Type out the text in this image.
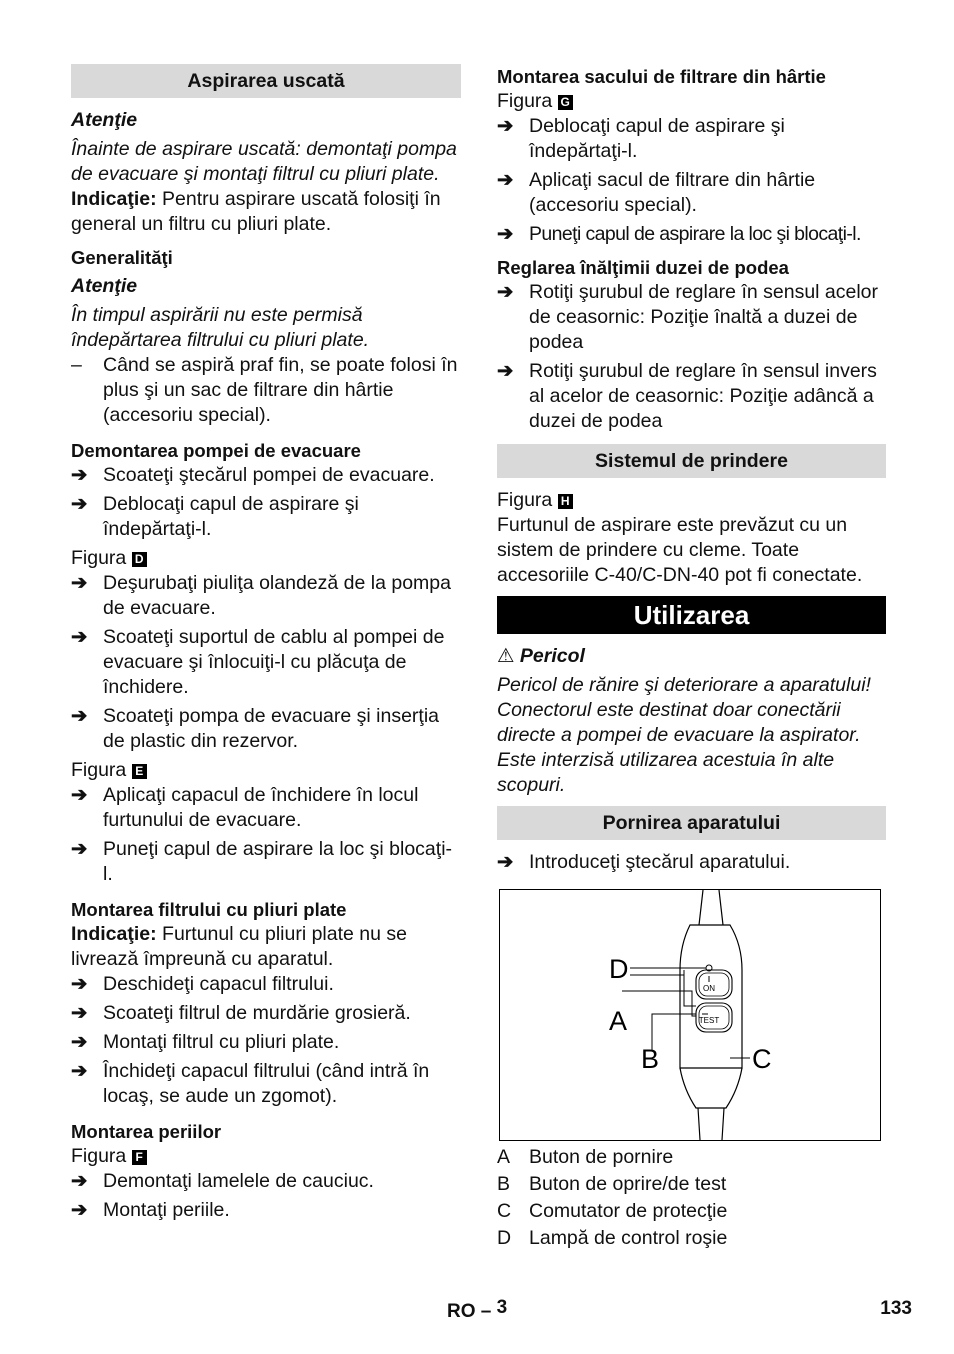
Aspirarea uscată

Atenţie

Înainte de aspirare uscată: demontaţi pompa de evacuare şi montaţi filtrul cu pliuri plate.

Indicaţie: Pentru aspirare uscată folosiţi în general un filtru cu pliuri plate.

Generalităţi

Atenţie

În timpul aspirării nu este permisă îndepărtarea filtrului cu pliuri plate.

– Când se aspiră praf fin, se poate folosi în plus şi un sac de filtrare din hârtie (accesoriu special).

Demontarea pompei de evacuare

➔ Scoateţi ştecărul pompei de evacuare.

➔ Deblocaţi capul de aspirare şi îndepărtaţi-l.

Figura D

➔ Deşurubaţi piuliţa olandeză de la pompa de evacuare.

➔ Scoateţi suportul de cablu al pompei de evacuare şi înlocuiţi-l cu plăcuţa de închidere.

➔ Scoateţi pompa de evacuare şi inserţia de plastic din rezervor.

Figura E

➔ Aplicaţi capacul de închidere în locul furtunului de evacuare.

➔ Puneţi capul de aspirare la loc şi blocaţi-l.

Montarea filtrului cu pliuri plate

Indicaţie: Furtunul cu pliuri plate nu se livrează împreună cu aparatul.

➔ Deschideţi capacul filtrului.

➔ Scoateţi filtrul de murdărie grosieră.

➔ Montaţi filtrul cu pliuri plate.

➔ Închideţi capacul filtrului (când intră în locaş, se aude un zgomot).

Montarea periilor

Figura F

➔ Demontaţi lamelele de cauciuc.

➔ Montaţi periile.

Montarea sacului de filtrare din hârtie

Figura G

➔ Deblocaţi capul de aspirare şi îndepărtaţi-l.

➔ Aplicaţi sacul de filtrare din hârtie (accesoriu special).

➔ Puneţi capul de aspirare la loc şi blocaţi-l.

Reglarea înălţimii duzei de podea

➔ Rotiţi şurubul de reglare în sensul acelor de ceasornic: Poziţie înaltă a duzei de podea

➔ Rotiţi şurubul de reglare în sensul invers al acelor de ceasornic: Poziţie adâncă a duzei de podea

Sistemul de prindere

Figura H

Furtunul de aspirare este prevăzut cu un sistem de prindere cu cleme. Toate accesoriile C-40/C-DN-40 pot fi conectate.

Utilizarea

⚠ Pericol

Pericol de rănire şi deteriorare a aparatului! Conectorul este destinat doar conectării directe a pompei de evacuare la aspirator. Este interzisă utilizarea acestuia în alte scopuri.

Pornirea aparatului

➔ Introduceţi ştecărul aparatului.

ON
TEST
D
A
B	C

A Buton de pornire

B Buton de oprire/de test

C Comutator de protecţie

D Lampă de control roşie

RO – 3	133
